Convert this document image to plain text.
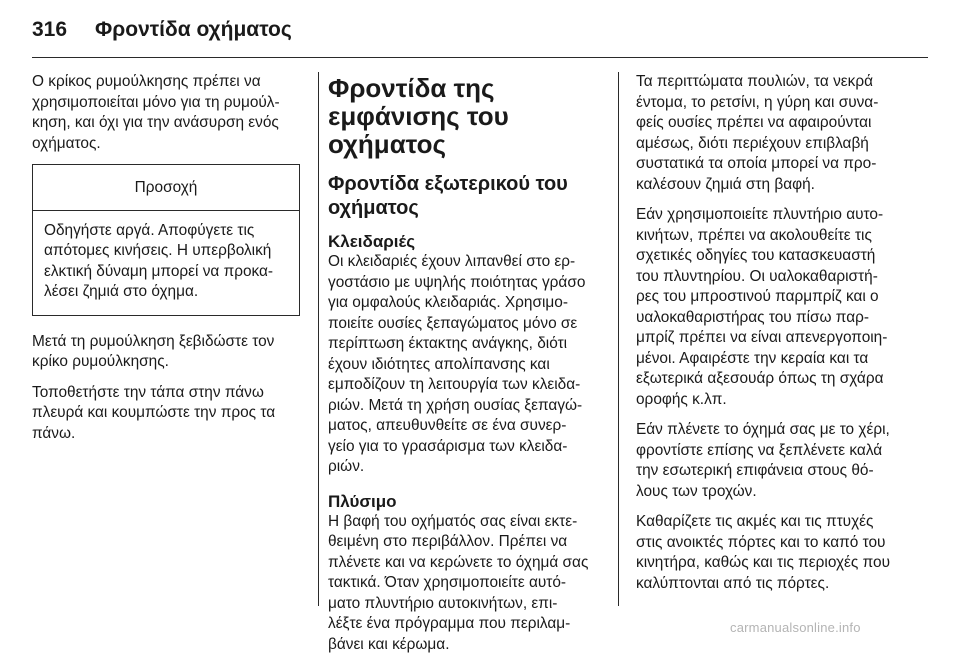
316 Φροντίδα οχήματος
Ο κρίκος ρυμούλκησης πρέπει να
χρησιμοποιείται μόνο για τη ρυμούλ-
κηση, και όχι για την ανάσυρση ενός
οχήματος.
Προσοχή
Οδηγήστε αργά. Αποφύγετε τις
απότομες κινήσεις. Η υπερβολική
ελκτική δύναμη μπορεί να προκα-
λέσει ζημιά στο όχημα.
Μετά τη ρυμούλκηση ξεβιδώστε τον
κρίκο ρυμούλκησης.
Τοποθετήστε την τάπα στην πάνω
πλευρά και κουμπώστε την προς τα
πάνω.
Φροντίδα της
εμφάνισης του
οχήματος
Φροντίδα εξωτερικού του
οχήματος
Κλειδαριές
Οι κλειδαριές έχουν λιπανθεί στο ερ-
γοστάσιο με υψηλής ποιότητας γράσο
για ομφαλούς κλειδαριάς. Χρησιμο-
ποιείτε ουσίες ξεπαγώματος μόνο σε
περίπτωση έκτακτης ανάγκης, διότι
έχουν ιδιότητες απολίπανσης και
εμποδίζουν τη λειτουργία των κλειδα-
ριών. Μετά τη χρήση ουσίας ξεπαγώ-
ματος, απευθυνθείτε σε ένα συνερ-
γείο για το γρασάρισμα των κλειδα-
ριών.
Πλύσιμο
Η βαφή του οχήματός σας είναι εκτε-
θειμένη στο περιβάλλον. Πρέπει να
πλένετε και να κερώνετε το όχημά σας
τακτικά. Όταν χρησιμοποιείτε αυτό-
ματο πλυντήριο αυτοκινήτων, επι-
λέξτε ένα πρόγραμμα που περιλαμ-
βάνει και κέρωμα.
Τα περιττώματα πουλιών, τα νεκρά
έντομα, το ρετσίνι, η γύρη και συνα-
φείς ουσίες πρέπει να αφαιρούνται
αμέσως, διότι περιέχουν επιβλαβή
συστατικά τα οποία μπορεί να προ-
καλέσουν ζημιά στη βαφή.
Εάν χρησιμοποιείτε πλυντήριο αυτο-
κινήτων, πρέπει να ακολουθείτε τις
σχετικές οδηγίες του κατασκευαστή
του πλυντηρίου. Οι υαλοκαθαριστή-
ρες του μπροστινού παρμπρίζ και ο
υαλοκαθαριστήρας του πίσω παρ-
μπρίζ πρέπει να είναι απενεργοποιη-
μένοι. Αφαιρέστε την κεραία και τα
εξωτερικά αξεσουάρ όπως τη σχάρα
οροφής κ.λπ.
Εάν πλένετε το όχημά σας με το χέρι,
φροντίστε επίσης να ξεπλένετε καλά
την εσωτερική επιφάνεια στους θό-
λους των τροχών.
Καθαρίζετε τις ακμές και τις πτυχές
στις ανοικτές πόρτες και το καπό του
κινητήρα, καθώς και τις περιοχές που
καλύπτονται από τις πόρτες.
carmanualsonline.info
